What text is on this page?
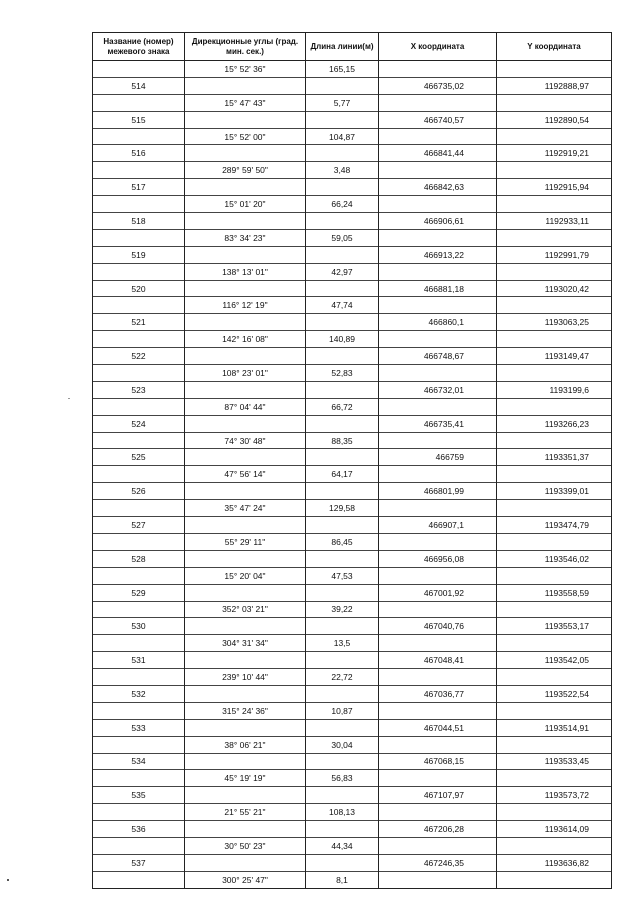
Название (номер) межевого знака	Дирекционные углы (град. мин. сек.)	Длина линии(м)	X координата	Y координата
	15° 52' 36"	165,15		
514			466735,02	1192888,97
	15° 47' 43"	5,77		
515			466740,57	1192890,54
	15° 52' 00"	104,87		
516			466841,44	1192919,21
	289° 59' 50"	3,48		
517			466842,63	1192915,94
	15° 01' 20"	66,24		
518			466906,61	1192933,11
	83° 34' 23"	59,05		
519			466913,22	1192991,79
	138° 13' 01"	42,97		
520			466881,18	1193020,42
	116° 12' 19"	47,74		
521			466860,1	1193063,25
	142° 16' 08"	140,89		
522			466748,67	1193149,47
	108° 23' 01"	52,83		
523			466732,01	1193199,6
	87° 04' 44"	66,72		
524			466735,41	1193266,23
	74° 30' 48"	88,35		
525			466759	1193351,37
	47° 56' 14"	64,17		
526			466801,99	1193399,01
	35° 47' 24"	129,58		
527			466907,1	1193474,79
	55° 29' 11"	86,45		
528			466956,08	1193546,02
	15° 20' 04"	47,53		
529			467001,92	1193558,59
	352° 03' 21"	39,22		
530			467040,76	1193553,17
	304° 31' 34"	13,5		
531			467048,41	1193542,05
	239° 10' 44"	22,72		
532			467036,77	1193522,54
	315° 24' 36"	10,87		
533			467044,51	1193514,91
	38° 06' 21"	30,04		
534			467068,15	1193533,45
	45° 19' 19"	56,83		
535			467107,97	1193573,72
	21° 55' 21"	108,13		
536			467206,28	1193614,09
	30° 50' 23"	44,34		
537			467246,35	1193636,82
	300° 25' 47"	8,1		
